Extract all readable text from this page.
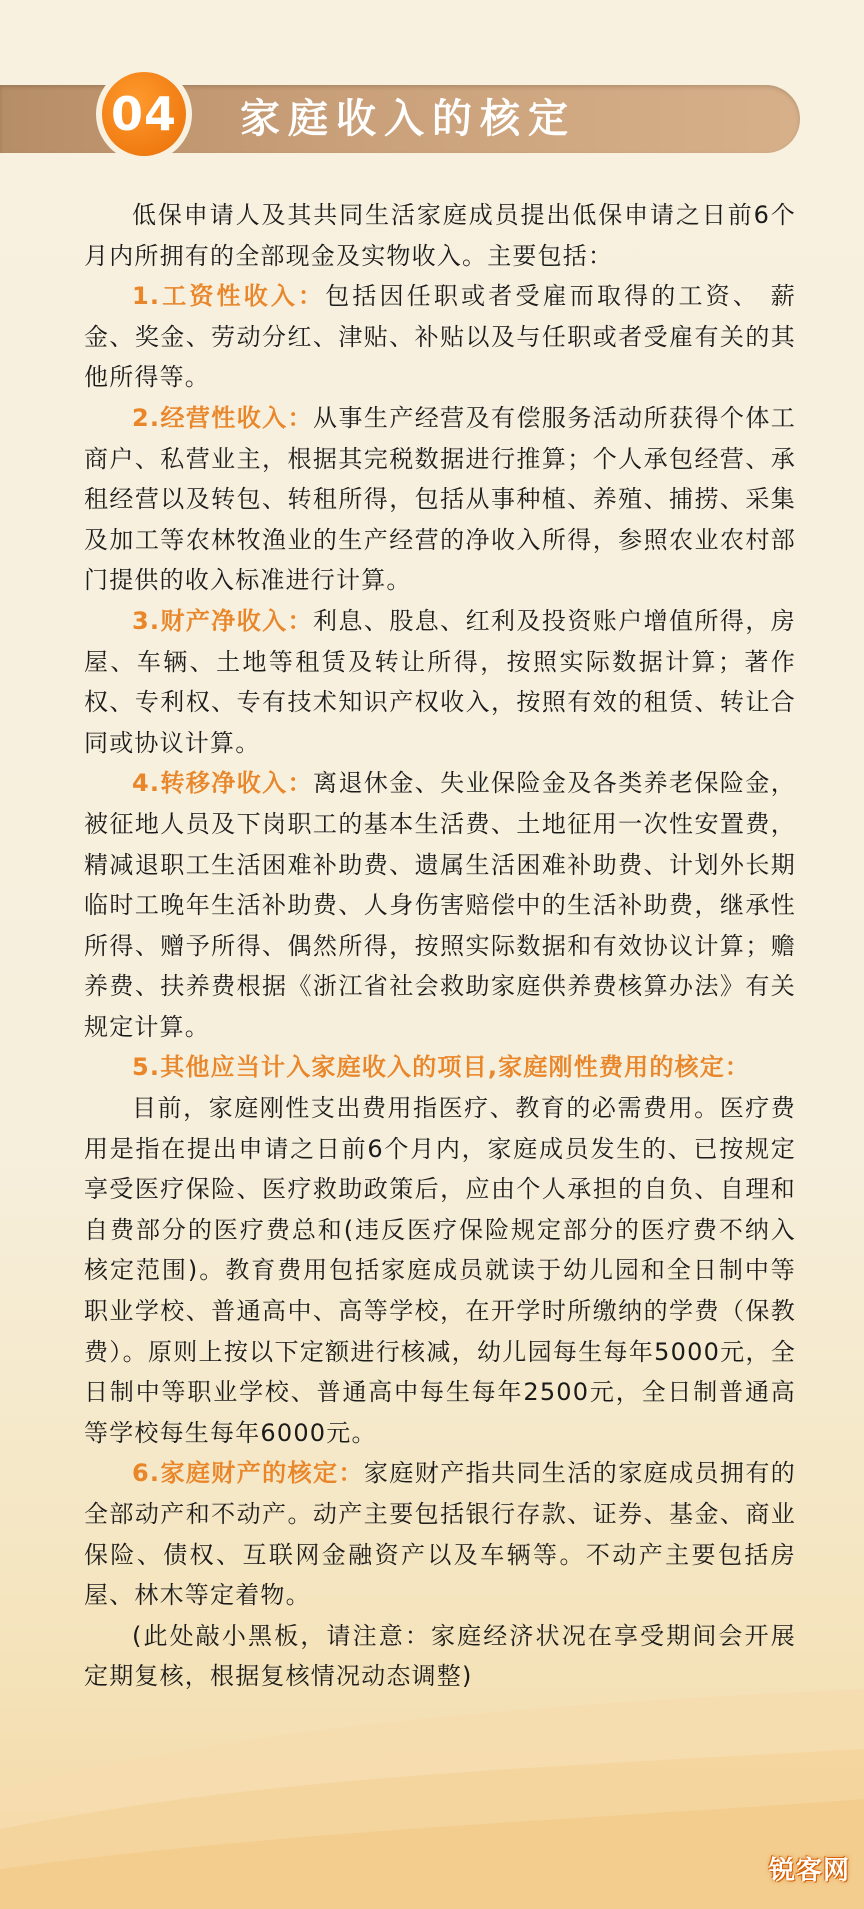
04 家庭收入的核定

低保申请人及其共同生活家庭成员提出低保申请之日前6个月内所拥有的全部现金及实物收入。主要包括：

1.工资性收入：包括因任职或者受雇而取得的工资、 薪金、奖金、劳动分红、津贴、补贴以及与任职或者受雇有关的其他所得等。

2.经营性收入：从事生产经营及有偿服务活动所获得个体工商户、私营业主，根据其完税数据进行推算；个人承包经营、承租经营以及转包、转租所得，包括从事种植、养殖、捕捞、采集及加工等农林牧渔业的生产经营的净收入所得，参照农业农村部门提供的收入标准进行计算。

3.财产净收入：利息、股息、红利及投资账户增值所得，房屋、车辆、土地等租赁及转让所得，按照实际数据计算；著作权、专利权、专有技术知识产权收入，按照有效的租赁、转让合同或协议计算。

4.转移净收入：离退休金、失业保险金及各类养老保险金，被征地人员及下岗职工的基本生活费、土地征用一次性安置费，精减退职工生活困难补助费、遗属生活困难补助费、计划外长期临时工晚年生活补助费、人身伤害赔偿中的生活补助费，继承性所得、赠予所得、偶然所得，按照实际数据和有效协议计算；赡养费、扶养费根据《浙江省社会救助家庭供养费核算办法》有关规定计算。

5.其他应当计入家庭收入的项目,家庭刚性费用的核定：

目前，家庭刚性支出费用指医疗、教育的必需费用。医疗费用是指在提出申请之日前6个月内，家庭成员发生的、已按规定享受医疗保险、医疗救助政策后，应由个人承担的自负、自理和自费部分的医疗费总和(违反医疗保险规定部分的医疗费不纳入核定范围)。教育费用包括家庭成员就读于幼儿园和全日制中等职业学校、普通高中、高等学校，在开学时所缴纳的学费（保教费）。原则上按以下定额进行核减，幼儿园每生每年5000元，全日制中等职业学校、普通高中每生每年2500元，全日制普通高等学校每生每年6000元。

6.家庭财产的核定：家庭财产指共同生活的家庭成员拥有的全部动产和不动产。动产主要包括银行存款、证券、基金、商业保险、债权、互联网金融资产以及车辆等。不动产主要包括房屋、林木等定着物。

(此处敲小黑板，请注意：家庭经济状况在享受期间会开展定期复核，根据复核情况动态调整)

锐客网
